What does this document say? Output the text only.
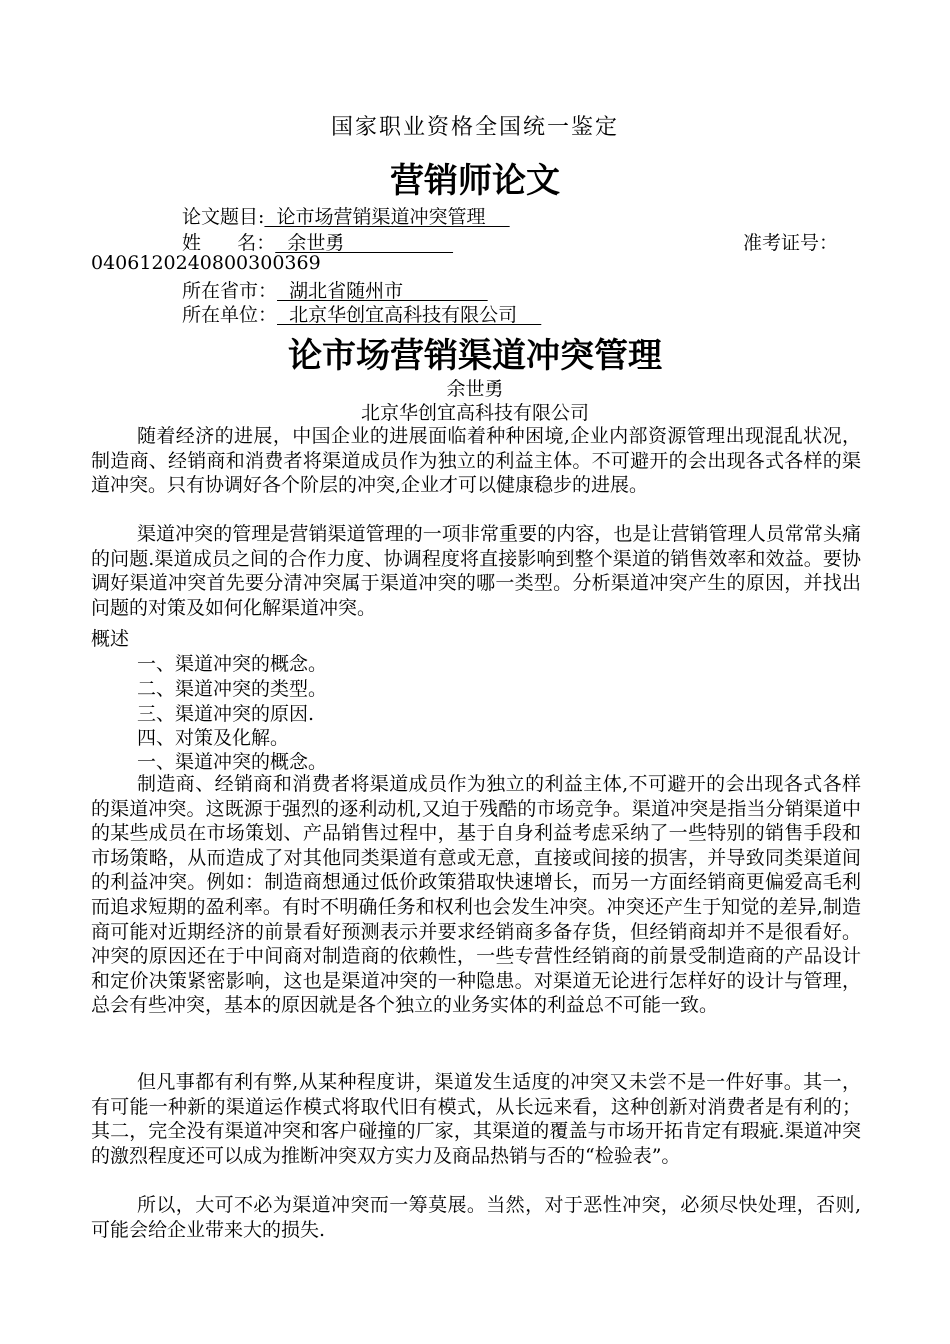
国家职业资格全国统一鉴定
营销师论文
论文题目:  论市场营销渠道冲突管理
姓      名：  余世勇	准考证号：
0406120240800300369
所在省市：  湖北省随州市
所在单位：  北京华创宜高科技有限公司
论市场营销渠道冲突管理
余世勇
北京华创宜高科技有限公司

随着经济的进展，中国企业的进展面临着种种困境,企业内部资源管理出现混乱状况，制造商、经销商和消费者将渠道成员作为独立的利益主体。不可避开的会出现各式各样的渠道冲突。只有协调好各个阶层的冲突,企业才可以健康稳步的进展。

渠道冲突的管理是营销渠道管理的一项非常重要的内容，也是让营销管理人员常常头痛的问题.渠道成员之间的合作力度、协调程度将直接影响到整个渠道的销售效率和效益。要协调好渠道冲突首先要分清冲突属于渠道冲突的哪一类型。分析渠道冲突产生的原因，并找出问题的对策及如何化解渠道冲突。

概述
一、渠道冲突的概念。
二、渠道冲突的类型。
三、渠道冲突的原因.
四、对策及化解。
一、渠道冲突的概念。

制造商、经销商和消费者将渠道成员作为独立的利益主体,不可避开的会出现各式各样的渠道冲突。这既源于强烈的逐利动机,又迫于残酷的市场竞争。渠道冲突是指当分销渠道中的某些成员在市场策划、产品销售过程中，基于自身利益考虑采纳了一些特别的销售手段和市场策略，从而造成了对其他同类渠道有意或无意，直接或间接的损害，并导致同类渠道间的利益冲突。例如：制造商想通过低价政策猎取快速增长，而另一方面经销商更偏爱高毛利而追求短期的盈利率。有时不明确任务和权利也会发生冲突。冲突还产生于知觉的差异,制造商可能对近期经济的前景看好预测表示并要求经销商多备存货，但经销商却并不是很看好。冲突的原因还在于中间商对制造商的依赖性，一些专营性经销商的前景受制造商的产品设计和定价决策紧密影响，这也是渠道冲突的一种隐患。对渠道无论进行怎样好的设计与管理，总会有些冲突，基本的原因就是各个独立的业务实体的利益总不可能一致。

但凡事都有利有弊,从某种程度讲，渠道发生适度的冲突又未尝不是一件好事。其一，有可能一种新的渠道运作模式将取代旧有模式，从长远来看，这种创新对消费者是有利的；其二，完全没有渠道冲突和客户碰撞的厂家，其渠道的覆盖与市场开拓肯定有瑕疵.渠道冲突的激烈程度还可以成为推断冲突双方实力及商品热销与否的“检验表”。

所以，大可不必为渠道冲突而一筹莫展。当然，对于恶性冲突，必须尽快处理，否则,可能会给企业带来大的损失.
